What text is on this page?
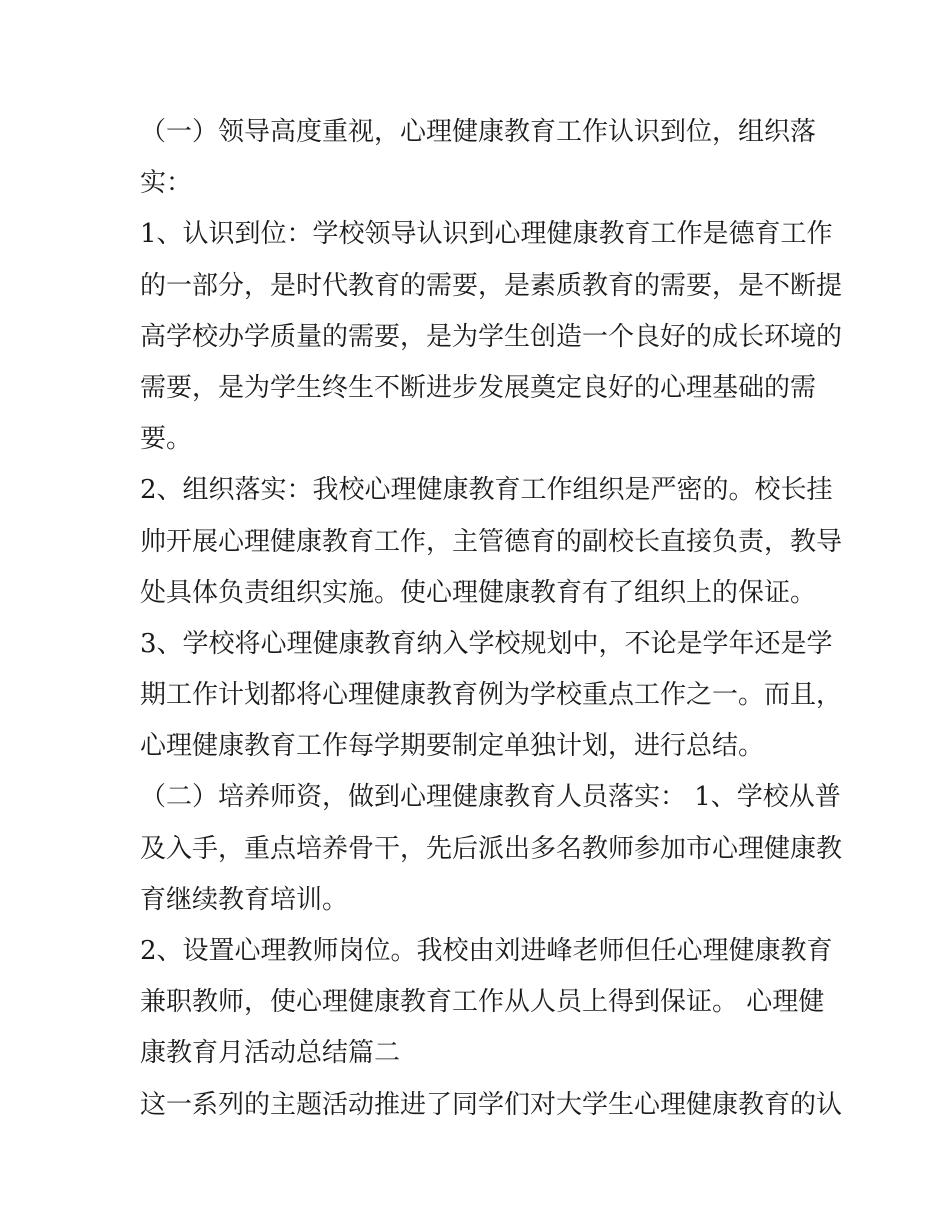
（一）领导高度重视，心理健康教育工作认识到位，组织落
实：
1、认识到位：学校领导认识到心理健康教育工作是德育工作
的一部分，是时代教育的需要，是素质教育的需要，是不断提
高学校办学质量的需要，是为学生创造一个良好的成长环境的
需要，是为学生终生不断进步发展奠定良好的心理基础的需
要。
2、组织落实：我校心理健康教育工作组织是严密的。校长挂
帅开展心理健康教育工作，主管德育的副校长直接负责，教导
处具体负责组织实施。使心理健康教育有了组织上的保证。
3、学校将心理健康教育纳入学校规划中，不论是学年还是学
期工作计划都将心理健康教育例为学校重点工作之一。而且，
心理健康教育工作每学期要制定单独计划，进行总结。
（二）培养师资，做到心理健康教育人员落实： 1、学校从普
及入手，重点培养骨干，先后派出多名教师参加市心理健康教
育继续教育培训。
2、设置心理教师岗位。我校由刘进峰老师但任心理健康教育
兼职教师，使心理健康教育工作从人员上得到保证。 心理健
康教育月活动总结篇二
这一系列的主题活动推进了同学们对大学生心理健康教育的认
